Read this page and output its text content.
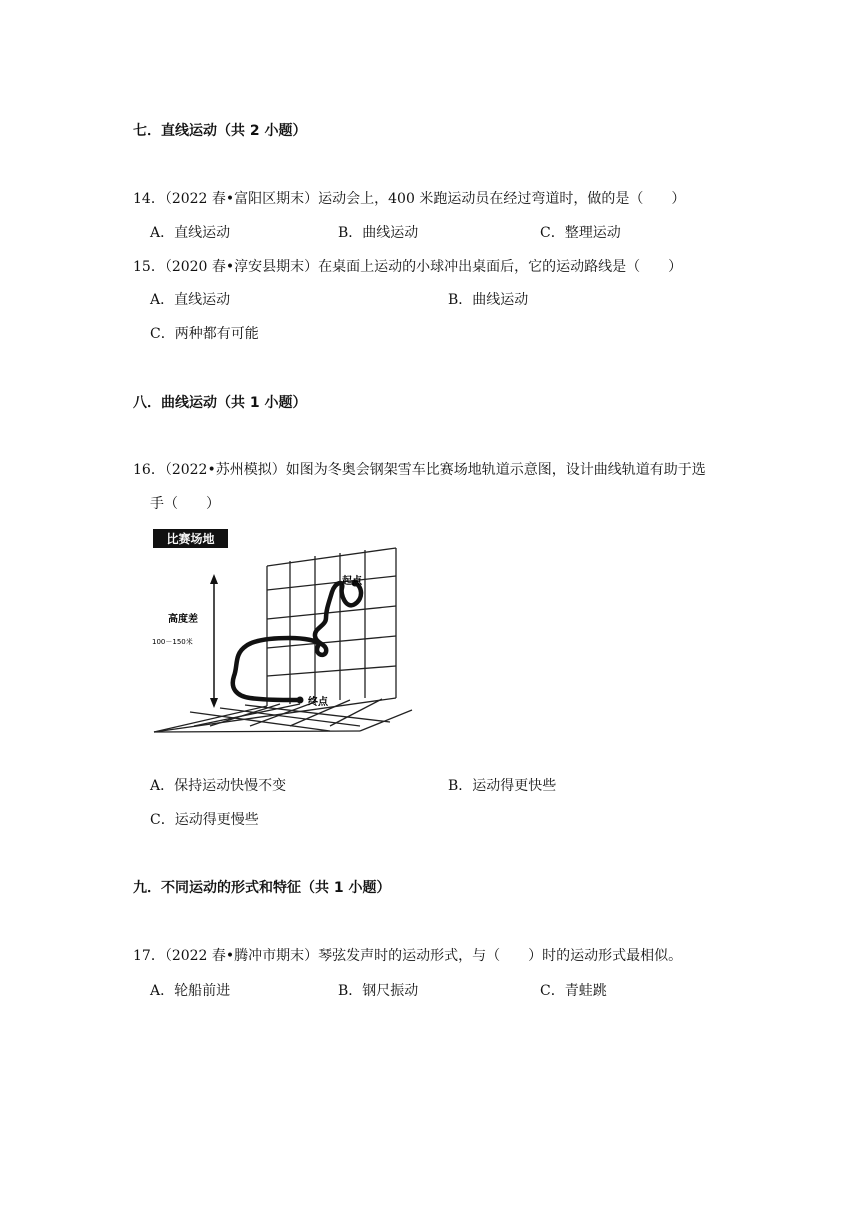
七．直线运动（共 2 小题）
14．（2022 春•富阳区期末）运动会上，400 米跑运动员在经过弯道时，做的是（　　）
A．直线运动	B．曲线运动	C．整理运动
15．（2020 春•淳安县期末）在桌面上运动的小球冲出桌面后，它的运动路线是（　　）
A．直线运动	B．曲线运动
C．两种都有可能
八．曲线运动（共 1 小题）
16．（2022•苏州模拟）如图为冬奥会钢架雪车比赛场地轨道示意图，设计曲线轨道有助于选
手（　　）
比赛场地
高度差
100－150米
起点
终点
A．保持运动快慢不变	B．运动得更快些
C．运动得更慢些
九．不同运动的形式和特征（共 1 小题）
17．（2022 春•腾冲市期末）琴弦发声时的运动形式，与（　　）时的运动形式最相似。
A．轮船前进	B．钢尺振动	C．青蛙跳
